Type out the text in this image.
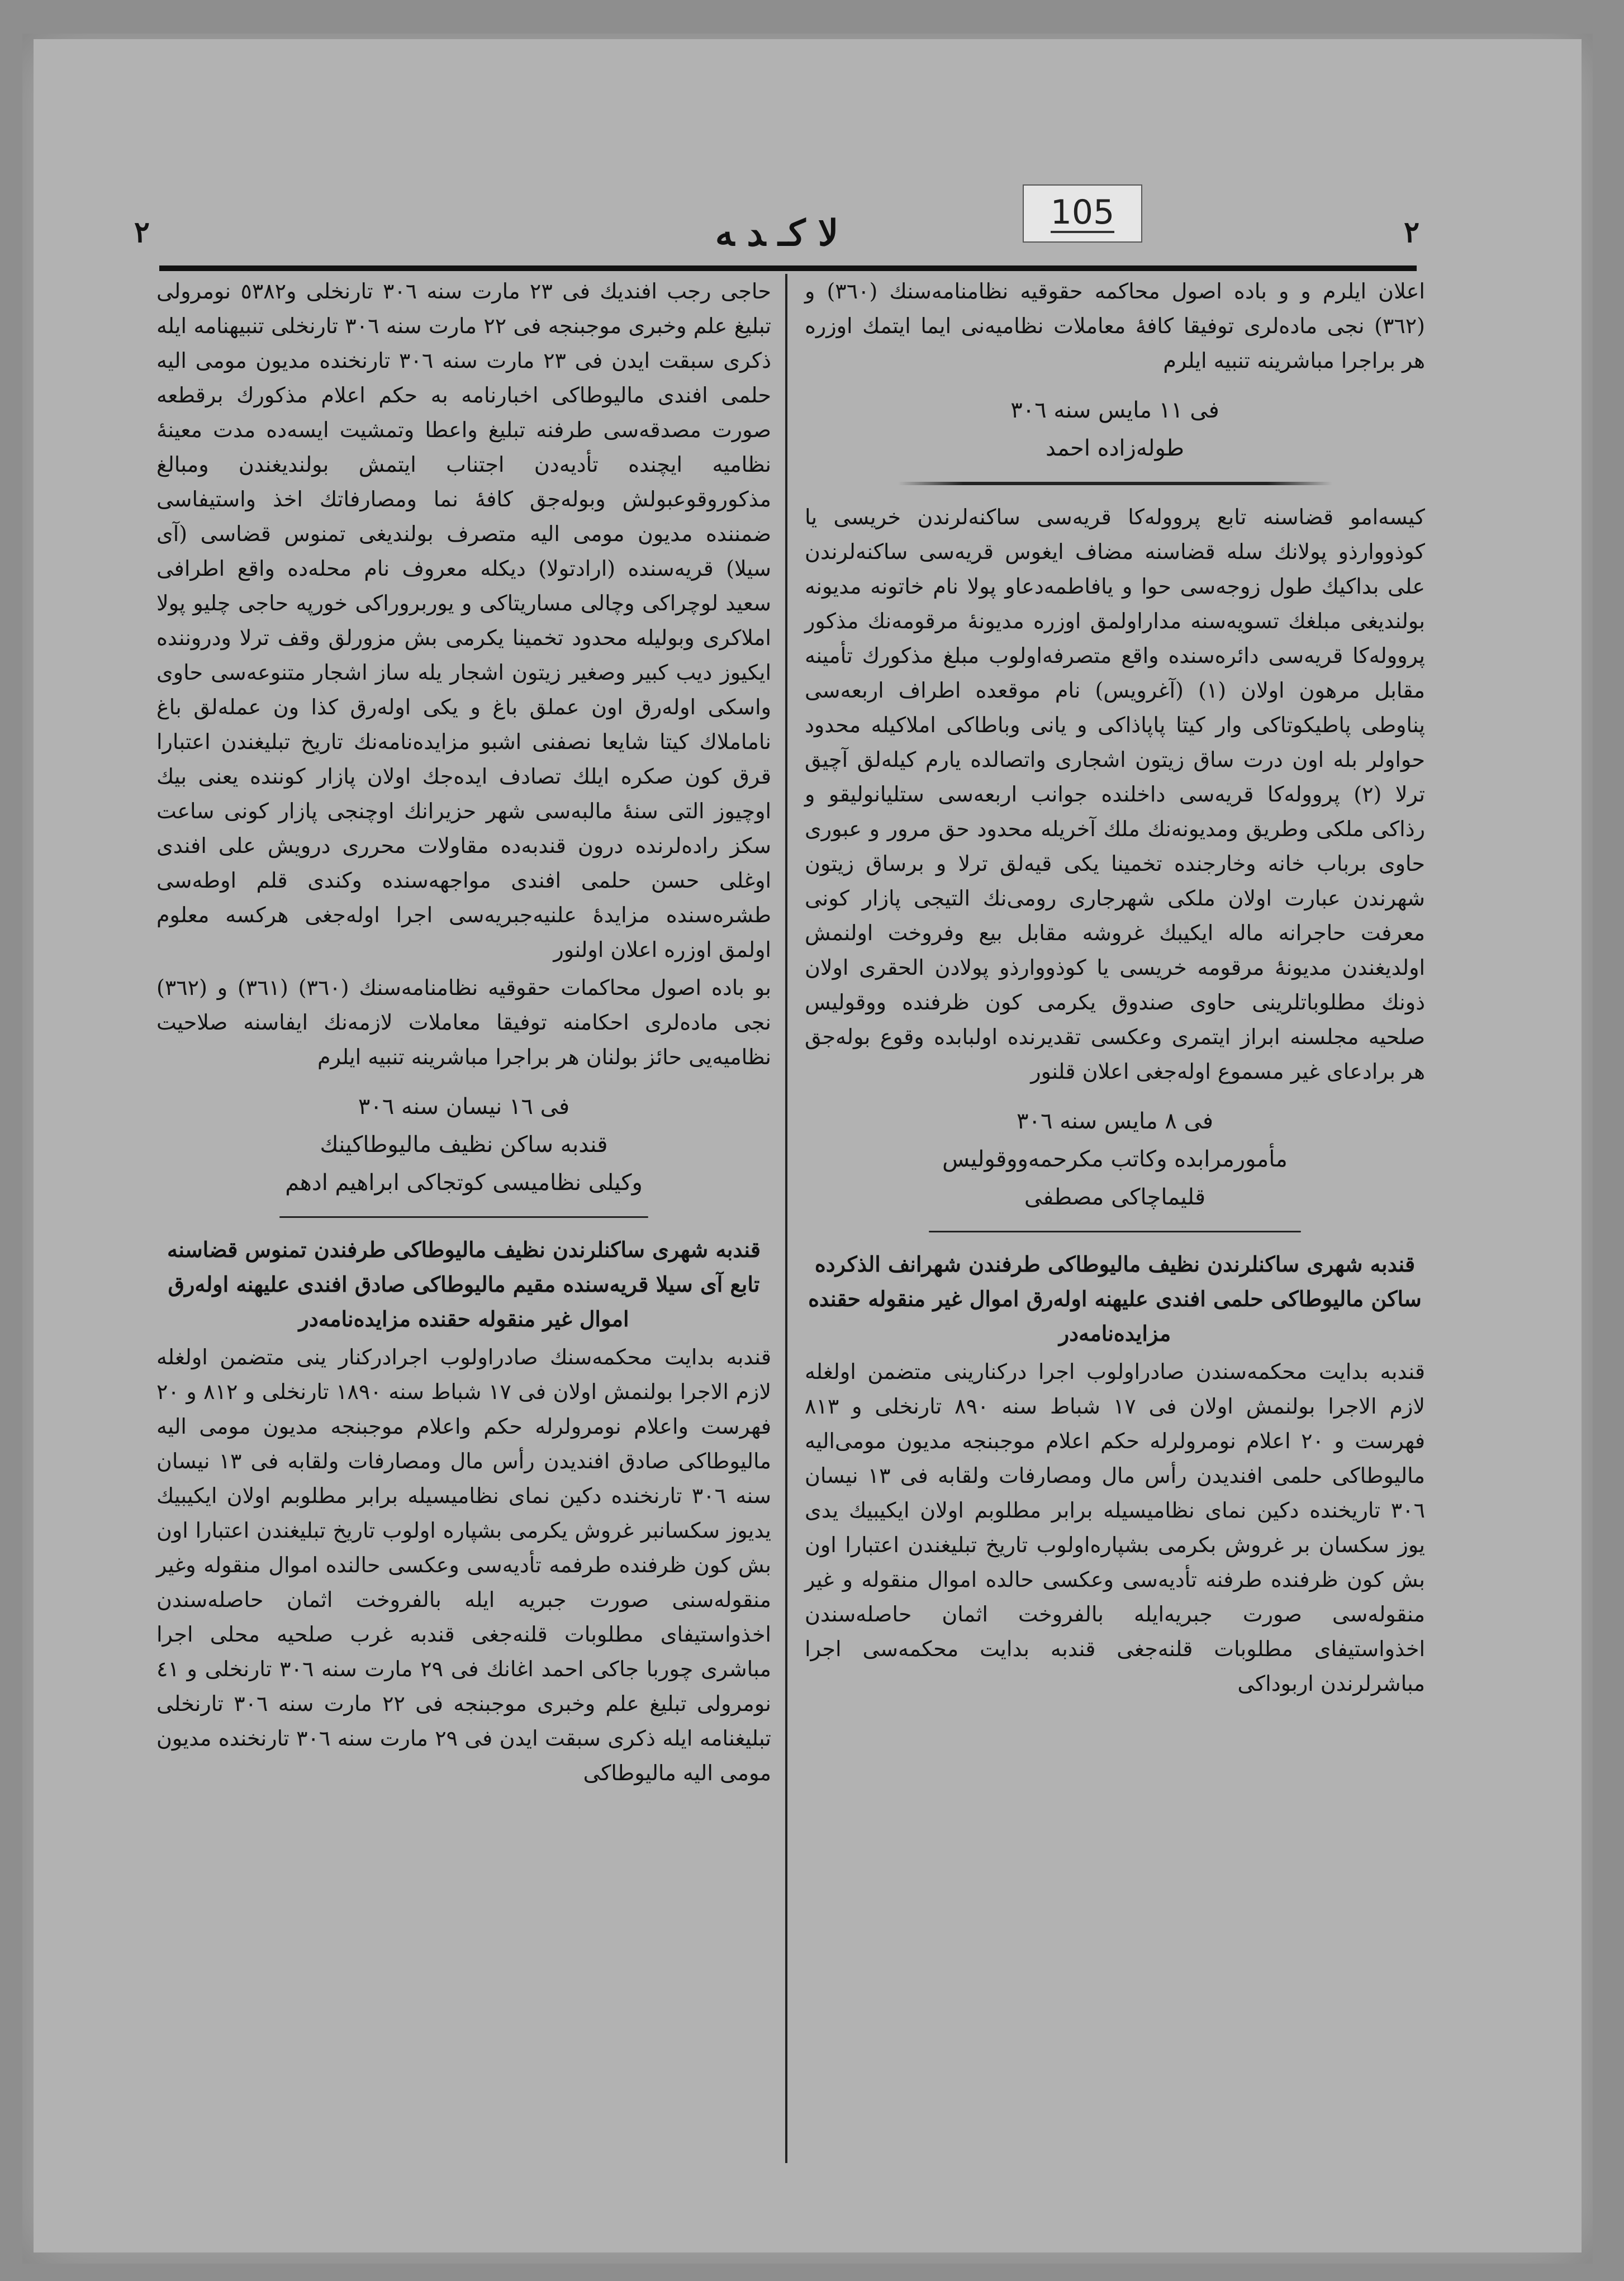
105
٢
ﻻ كـ ﺪ ﻪ
٢

اعلان ايلرم و و باده اصول محاكمه حقوقيه نظامنامه‌سنك (٣٦٠) و (٣٦٢) نجى ماده‌لرى توفيقا كافهٔ معاملات نظاميه‌نى ايما ايتمك اوزره هر براجرا مباشرينه تنبيه ايلرم

فى ١١ مايس سنه ٣٠٦
طوله‌زاده احمد

كيسه‌امو قضاسنه تابع پرووله‌كا قريه‌سى ساكنه‌لرندن خريسى يا كوذووارذو پولانك سله قضاسنه مضاف ايغوس قريه‌سى ساكنه‌لرندن على بداكيك طول زوجه‌سى حوا و يافاطمه‌دعاو پولا نام خاتونه مديونه بولنديغى مبلغك تسويه‌سنه مداراولمق اوزره مديونهٔ مرقومه‌نك مذكور پرووله‌كا قريه‌سى دائره‌سنده واقع متصرفه‌اولوب مبلغ مذكورك تأمينه مقابل مرهون اولان (١) (آغرويس) نام موقعده اطراف اربعه‌سى پناوطى پاطيكوتاكى وار كيتا پاپاذاكى و يانى وباطاكى املاكيله محدود حواولر بله اون درت ساق زيتون اشجارى واتصالده يارم كيله‌لق آچيق ترلا (٢) پرووله‌كا قريه‌سى داخلنده جوانب اربعه‌سى ستليانوليقو و رذاكى ملكى وطريق ومديونه‌نك ملك آخريله محدود حق مرور و عبورى حاوى برباب خانه وخارجنده تخمينا يكى قيه‌لق ترلا و برساق زيتون شهرندن عبارت اولان ملكى شهرجارى رومى‌نك التيجى پازار كونى معرفت حاجرانه ماله ايكيبك غروشه مقابل بيع وفروخت اولنمش اولديغندن مديونهٔ مرقومه خريسى يا كوذووارذو پولادن الحقرى اولان ذونك مطلوباتلرينى حاوى صندوق يكرمى كون ظرفنده ووقوليس صلحيه مجلسنه ابراز ايتمرى وعكسى تقديرنده اولبابده وقوع بوله‌جق هر برادعاى غير مسموع اوله‌جغى اعلان قلنور

فى ٨ مايس سنه ٣٠٦
مأمورمرابده وكاتب مكرحمه‌ووقوليس
قليماچاكى مصطفى

قندبه شهرى ساكنلرندن نظيف ماليوطاكى طرفندن شهرانف الذكرده ساكن ماليوطاكى حلمى افندى عليهنه اوله‌رق اموال غير منقوله حقنده مزايده‌نامه‌در

قندبه بدايت محكمه‌سندن صادراولوب اجرا دركنارينى متضمن اولغله لازم الاجرا بولنمش اولان فى ١٧ شباط سنه ٨٩٠ تارنخلى و ٨١٣ فهرست و ٢٠ اعلام نومرولرله حكم اعلام موجبنجه مديون مومى‌اليه ماليوطاكى حلمى افنديدن رأس مال ومصارفات ولقابه فى ١٣ نيسان ٣٠٦ تاريخنده دكين نماى نظاميسيله برابر مطلوبم اولان ايكيبيك يدى يوز سكسان بر غروش بكرمى بشپاره‌اولوب تاريخ تبليغندن اعتبارا اون بش كون ظرفنده طرفنه تأديه‌سى وعكسى حالده اموال منقوله و غير منقوله‌سى صورت جبريه‌ايله بالفروخت اثمان حاصله‌سندن اخذواستيفاى مطلوبات قلنه‌جغى قندبه بدايت محكمه‌سى اجرا مباشرلرندن اربوداكى

حاجى رجب افنديك فى ٢٣ مارت سنه ٣٠٦ تارنخلى و٥٣٨٢ نومرولى تبليغ علم وخبرى موجبنجه فى ٢٢ مارت سنه ٣٠٦ تارنخلى تنبيهنامه ايله ذكرى سبقت ايدن فى ٢٣ مارت سنه ٣٠٦ تارنخنده مديون مومى اليه حلمى افندى ماليوطاكى اخبارنامه به حكم اعلام مذكورك برقطعه صورت مصدقه‌سى طرفنه تبليغ واعطا وتمشيت ايسه‌ده مدت معينهٔ نظاميه ايچنده تأديه‌دن اجتناب ايتمش بولنديغندن ومبالغ مذكوروقوعبولش وبوله‌جق كافهٔ نما ومصارفاتك اخذ واستيفاسى ضمننده مديون مومى اليه متصرف بولنديغى تمنوس قضاسى (آى سيلا) قريه‌سنده (ارادتولا) ديكله معروف نام محله‌ده واقع اطرافى سعيد لوچراكى وچالى مساريتاكى و يوربروراكى خورپه حاجى چليو پولا املاكرى وبوليله محدود تخمينا يكرمى بش مزورلق وقف ترلا ودروننده ايكيوز ديب كبير وصغير زيتون اشجار يله ساز اشجار متنوعه‌سى حاوى واسكى اوله‌رق اون عملق باغ و يكى اوله‌رق كذا ون عمله‌لق باغ ناماملاك كيتا شايعا نصفنى اشبو مزايده‌نامه‌نك تاريخ تبليغندن اعتبارا قرق كون صكره ايلك تصادف ايده‌جك اولان پازار كوننده يعنى بيك اوچيوز التى سنهٔ مالبه‌سى شهر حزيرانك اوچنجى پازار كونى ساعت سكز راده‌لرنده درون قندبه‌ده مقاولات محررى درويش على افندى اوغلى حسن حلمى افندى مواجهه‌سنده وكندى قلم اوطه‌سى طشره‌سنده مزايدهٔ علنيه‌جبريه‌سى اجرا اوله‌جغى هركسه معلوم اولمق اوزره اعلان اولنور

بو باده اصول محاكمات حقوقيه نظامنامه‌سنك (٣٦٠) (٣٦١) و (٣٦٢) نجى ماده‌لرى احكامنه توفيقا معاملات لازمه‌نك ايفاسنه صلاحيت نظاميه‌يى حائز بولنان هر براجرا مباشرينه تنبيه ايلرم

فى ١٦ نيسان سنه ٣٠٦
قندبه ساكن نظيف ماليوطاكينك
وكيلى نظاميسى كوتجاكى ابراهيم ادهم

قندبه شهرى ساكنلرندن نظيف ماليوطاكى طرفندن تمنوس قضاسنه تابع آى سيلا قريه‌سنده مقيم ماليوطاكى صادق افندى عليهنه اوله‌رق اموال غير منقوله حقنده مزايده‌نامه‌در

قندبه بدايت محكمه‌سنك صادراولوب اجرادركنار ينى متضمن اولغله لازم الاجرا بولنمش اولان فى ١٧ شباط سنه ١٨٩٠ تارنخلى و ٨١٢ و ٢٠ فهرست واعلام نومرولرله حكم واعلام موجبنجه مديون مومى اليه ماليوطاكى صادق افنديدن رأس مال ومصارفات ولقابه فى ١٣ نيسان سنه ٣٠٦ تارنخنده دكين نماى نظاميسيله برابر مطلوبم اولان ايكيبيك يديوز سكسانبر غروش يكرمى بشپاره اولوب تاريخ تبليغندن اعتبارا اون بش كون ظرفنده طرفمه تأديه‌سى وعكسى حالنده اموال منقوله وغير منقوله‌سنى صورت جبريه ايله بالفروخت اثمان حاصله‌سندن اخذواستيفاى مطلوبات قلنه‌جغى قندبه غرب صلحيه محلى اجرا مباشرى چوربا جاكى احمد اغانك فى ٢٩ مارت سنه ٣٠٦ تارنخلى و ٤١ نومرولى تبليغ علم وخبرى موجبنجه فى ٢٢ مارت سنه ٣٠٦ تارنخلى تبليغنامه ايله ذكرى سبقت ايدن فى ٢٩ مارت سنه ٣٠٦ تارنخنده مديون مومى اليه ماليوطاكى
